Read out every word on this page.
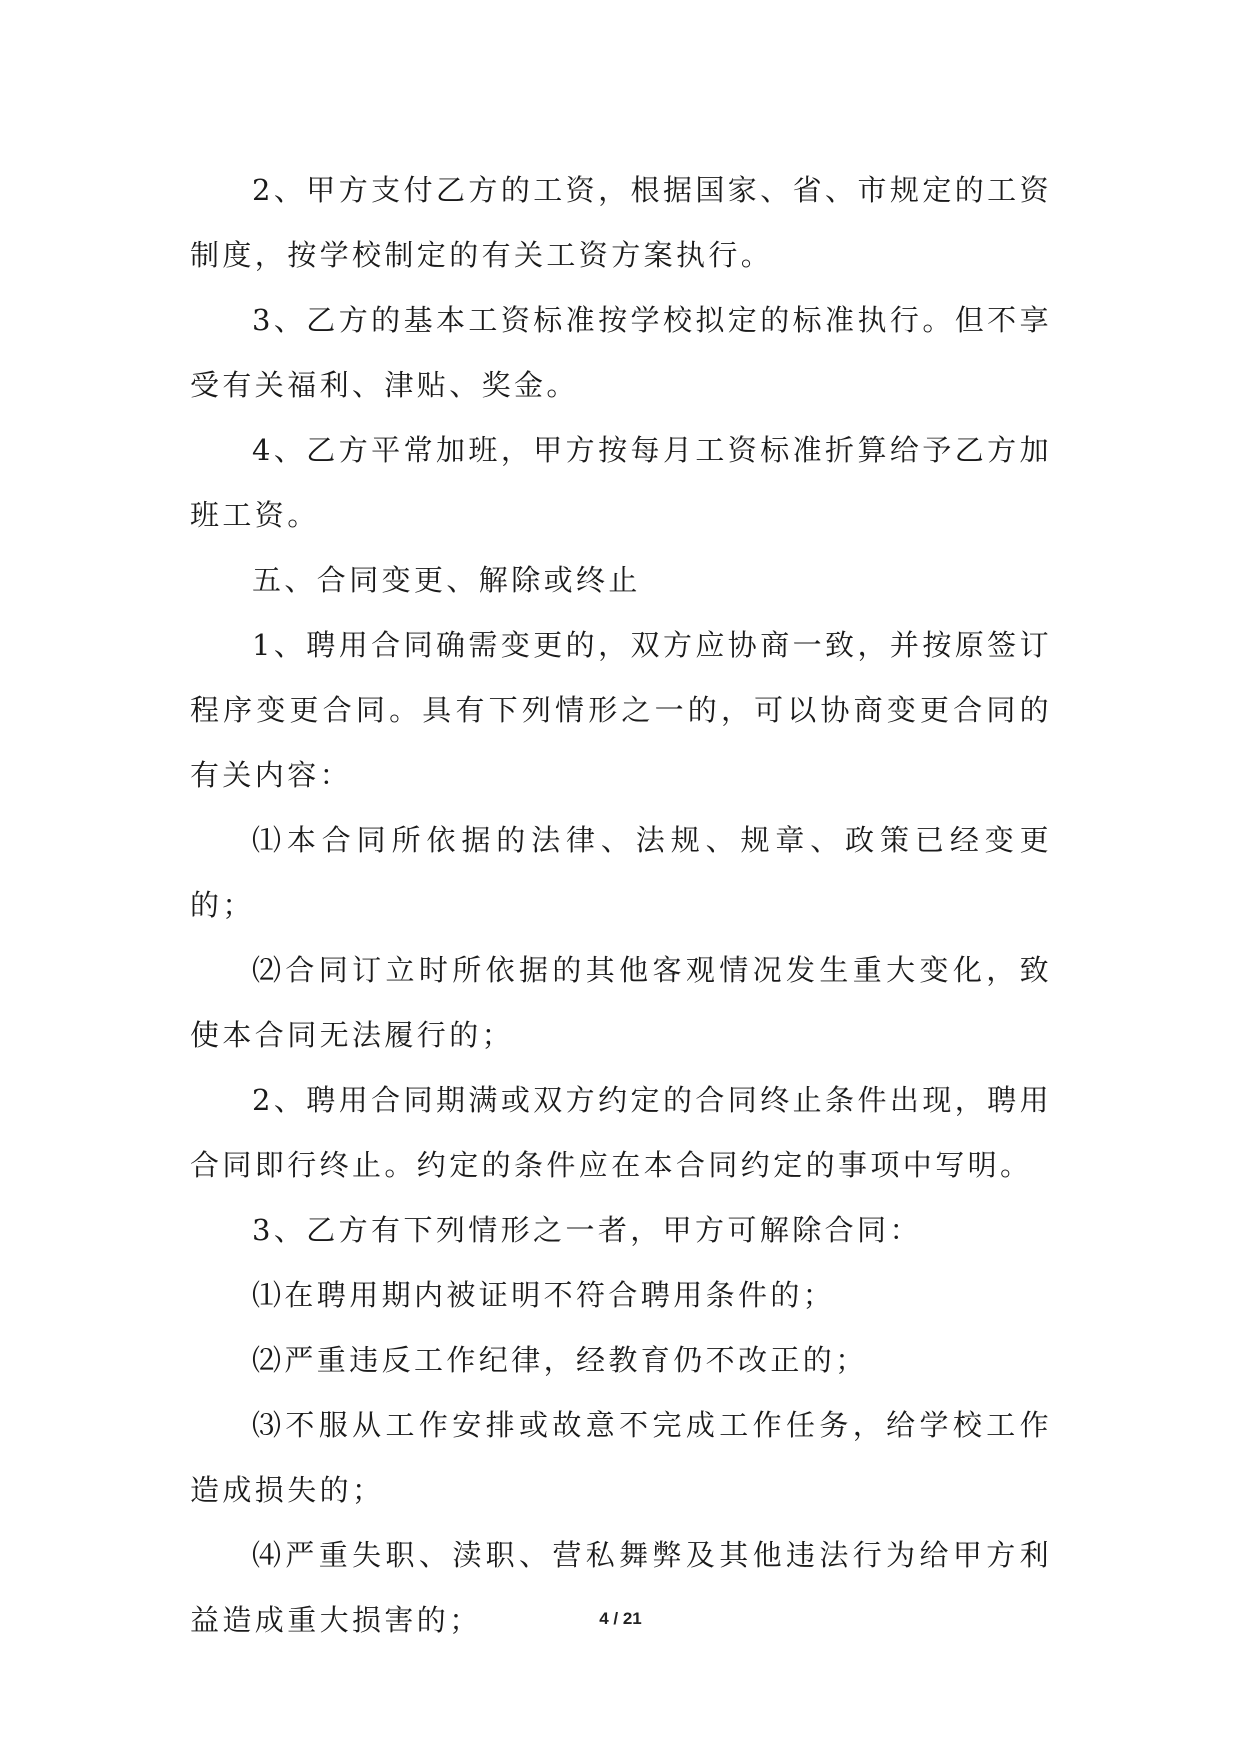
2、甲方支付乙方的工资，根据国家、省、市规定的工资制度，按学校制定的有关工资方案执行。

3、乙方的基本工资标准按学校拟定的标准执行。但不享受有关福利、津贴、奖金。

4、乙方平常加班，甲方按每月工资标准折算给予乙方加班工资。

五、合同变更、解除或终止

1、聘用合同确需变更的，双方应协商一致，并按原签订程序变更合同。具有下列情形之一的，可以协商变更合同的有关内容：

⑴本合同所依据的法律、法规、规章、政策已经变更的；

⑵合同订立时所依据的其他客观情况发生重大变化，致使本合同无法履行的；

2、聘用合同期满或双方约定的合同终止条件出现，聘用合同即行终止。约定的条件应在本合同约定的事项中写明。

3、乙方有下列情形之一者，甲方可解除合同：

⑴在聘用期内被证明不符合聘用条件的；

⑵严重违反工作纪律，经教育仍不改正的；

⑶不服从工作安排或故意不完成工作任务，给学校工作造成损失的；

⑷严重失职、渎职、营私舞弊及其他违法行为给甲方利益造成重大损害的；	4 / 21
